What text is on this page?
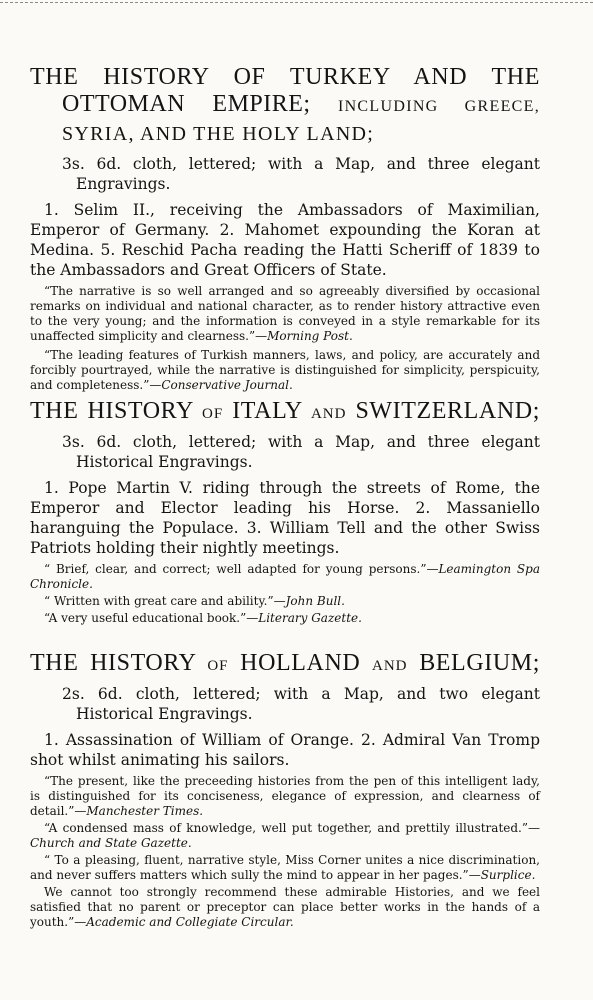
THE HISTORY OF TURKEY AND THE

OTTOMAN EMPIRE; INCLUDING GREECE,
SYRIA, AND THE HOLY LAND;
3s. 6d. cloth, lettered; with a Map, and three elegant Engravings.
1. Selim II., receiving the Ambassadors of Maximilian, Emperor of Germany. 2. Mahomet expounding the Koran at Medina. 5. Reschid Pacha reading the Hatti Scheriff of 1839 to the Ambassadors and Great Officers of State.
“The narrative is so well arranged and so agreeably diversified by occasional remarks on individual and national character, as to render history attractive even to the very young; and the information is conveyed in a style remarkable for its unaffected simplicity and clearness.”—Morning Post.
“The leading features of Turkish manners, laws, and policy, are accurately and forcibly pourtrayed, while the narrative is distinguished for simplicity, perspicuity, and completeness.”—Conservative Journal.

THE HISTORY OF ITALY AND SWITZERLAND;

3s. 6d. cloth, lettered; with a Map, and three elegant Historical Engravings.
1. Pope Martin V. riding through the streets of Rome, the Emperor and Elector leading his Horse. 2. Massaniello haranguing the Populace. 3. William Tell and the other Swiss Patriots holding their nightly meetings.
“ Brief, clear, and correct; well adapted for young persons.”—Leamington Spa Chronicle.
“ Written with great care and ability.”—John Bull.
“A very useful educational book.”—Literary Gazette.

THE HISTORY OF HOLLAND AND BELGIUM;

2s. 6d. cloth, lettered; with a Map, and two elegant Historical Engravings.
1. Assassination of William of Orange. 2. Admiral Van Tromp shot whilst animating his sailors.
“The present, like the preceeding histories from the pen of this intelligent lady, is distinguished for its conciseness, elegance of expression, and clearness of detail.”—Manchester Times.
“A condensed mass of knowledge, well put together, and prettily illustrated.”—Church and State Gazette.
“ To a pleasing, fluent, narrative style, Miss Corner unites a nice discrimination, and never suffers matters which sully the mind to appear in her pages.”—Surplice.
We cannot too strongly recommend these admirable Histories, and we feel satisfied that no parent or preceptor can place better works in the hands of a youth.”—Academic and Collegiate Circular.
